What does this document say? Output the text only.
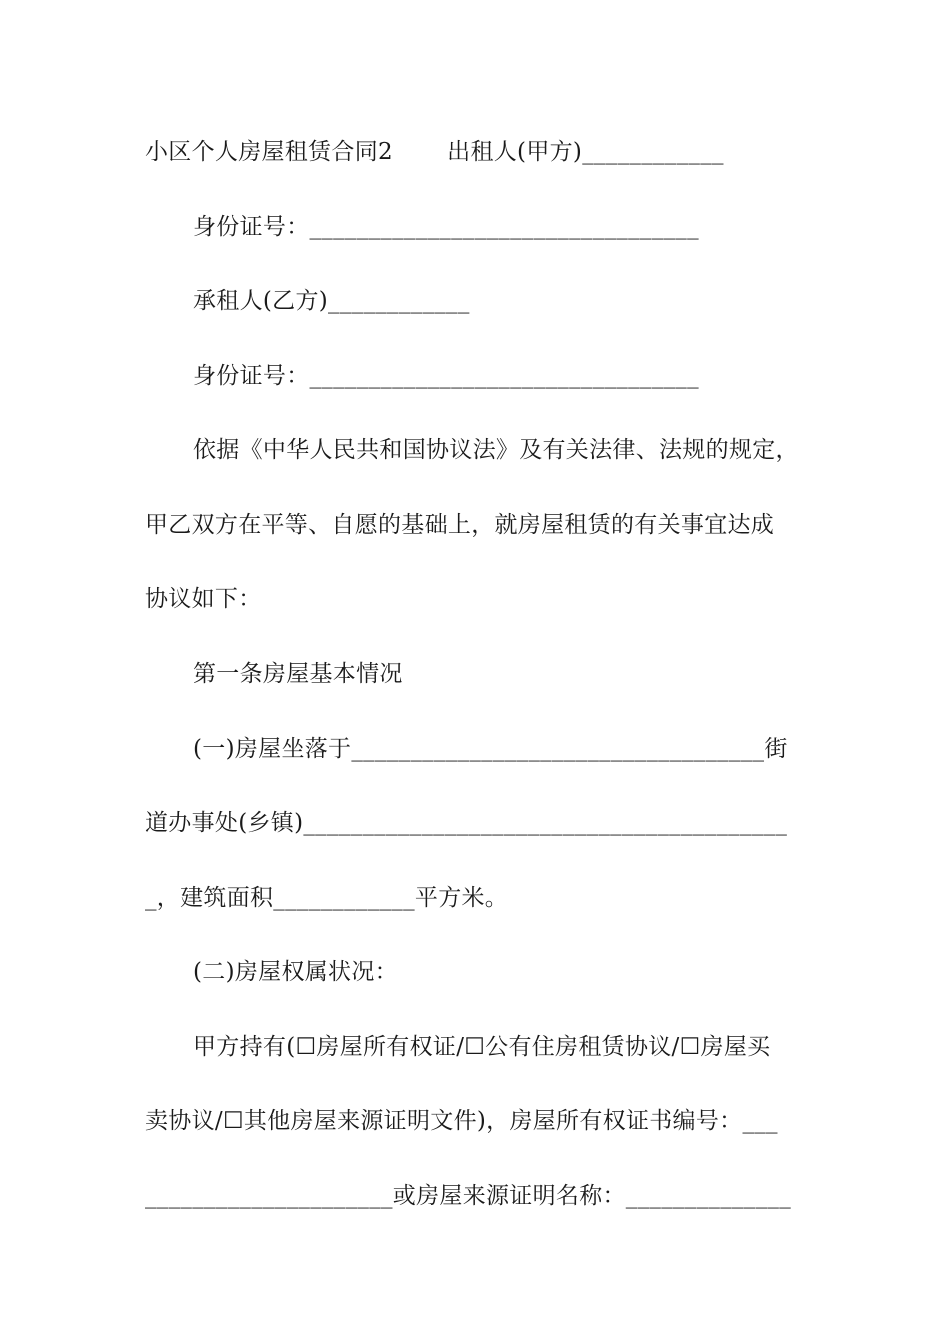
小区个人房屋租赁合同2　　 出租人(甲方)____________
身份证号：_________________________________
承租人(乙方)____________
身份证号：_________________________________
依据《中华人民共和国协议法》及有关法律、法规的规定，
甲乙双方在平等、自愿的基础上，就房屋租赁的有关事宜达成
协议如下：
第一条房屋基本情况
(一)房屋坐落于___________________________________街
道办事处(乡镇)_________________________________________
_，建筑面积____________平方米。
(二)房屋权属状况：
甲方持有(☐房屋所有权证/☐公有住房租赁协议/☐房屋买
卖协议/☐其他房屋来源证明文件)，房屋所有权证书编号：___
_____________________或房屋来源证明名称：______________
